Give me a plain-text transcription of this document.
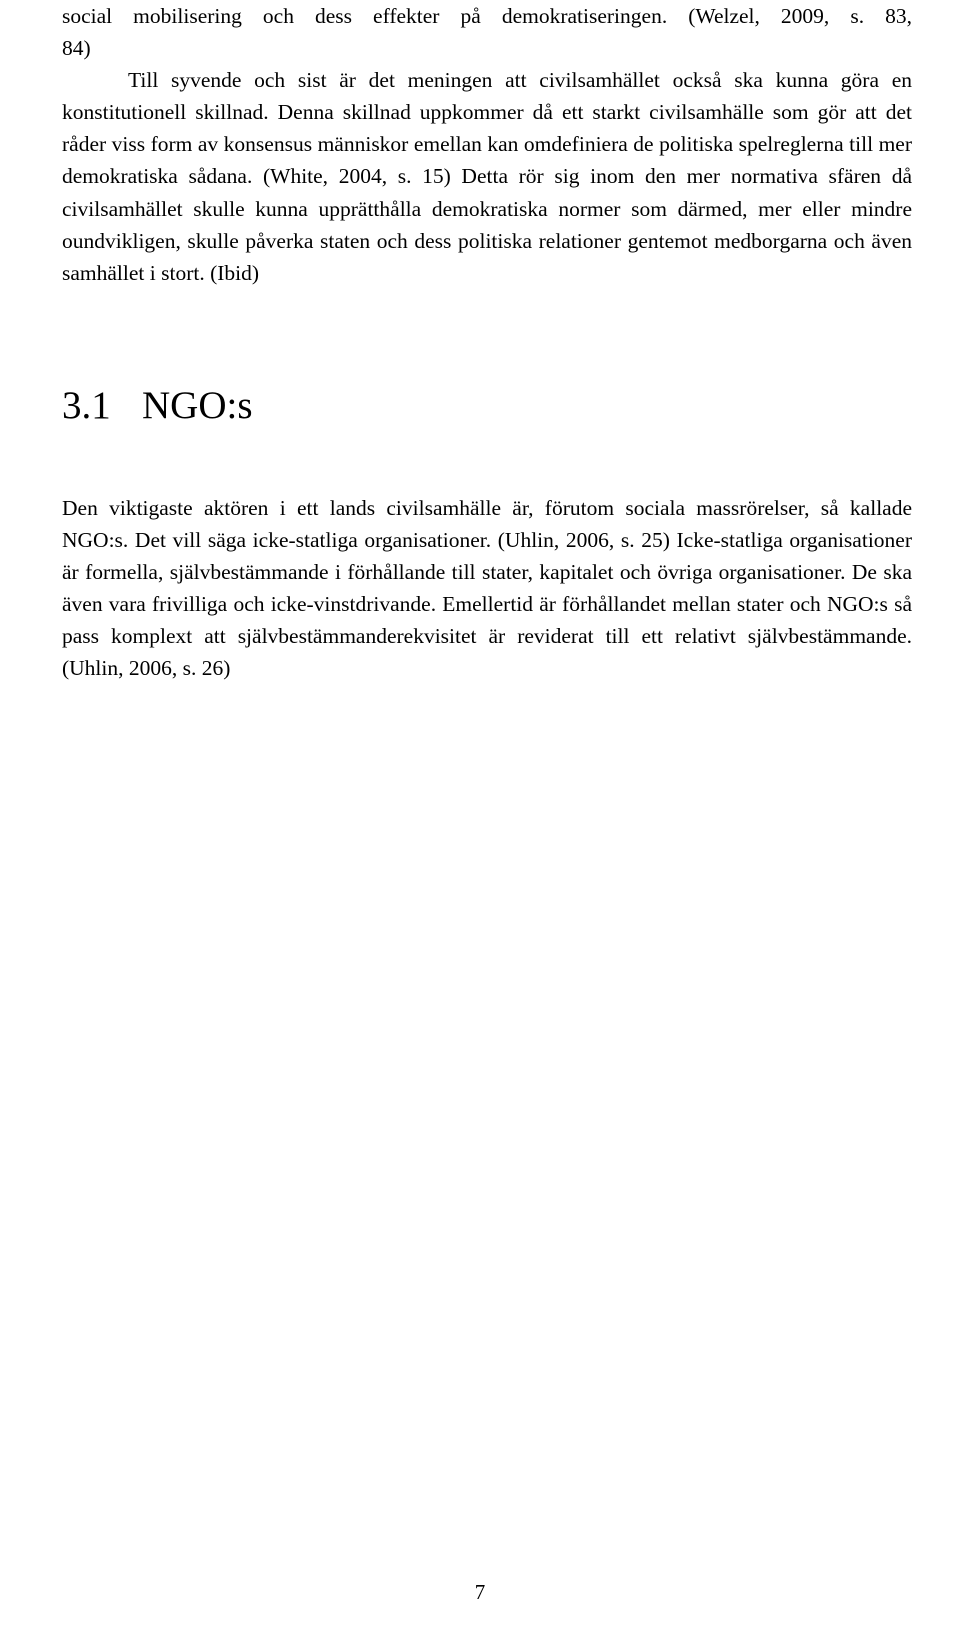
social mobilisering och dess effekter på demokratiseringen. (Welzel, 2009, s. 83,
84)

Till syvende och sist är det meningen att civilsamhället också ska kunna göra en konstitutionell skillnad. Denna skillnad uppkommer då ett starkt civilsamhälle som gör att det råder viss form av konsensus människor emellan kan omdefiniera de politiska spelreglerna till mer demokratiska sådana. (White, 2004, s. 15) Detta rör sig inom den mer normativa sfären då civilsamhället skulle kunna upprätthålla demokratiska normer som därmed, mer eller mindre oundvikligen, skulle påverka staten och dess politiska relationer gentemot medborgarna och även samhället i stort. (Ibid)

3.1 NGO:s

Den viktigaste aktören i ett lands civilsamhälle är, förutom sociala massrörelser, så kallade NGO:s. Det vill säga icke-statliga organisationer. (Uhlin, 2006, s. 25) Icke-statliga organisationer är formella, självbestämmande i förhållande till stater, kapitalet och övriga organisationer. De ska även vara frivilliga och icke-vinstdrivande. Emellertid är förhållandet mellan stater och NGO:s så pass komplext att självbestämmanderekvisitet är reviderat till ett relativt självbestämmande. (Uhlin, 2006, s. 26)

7
